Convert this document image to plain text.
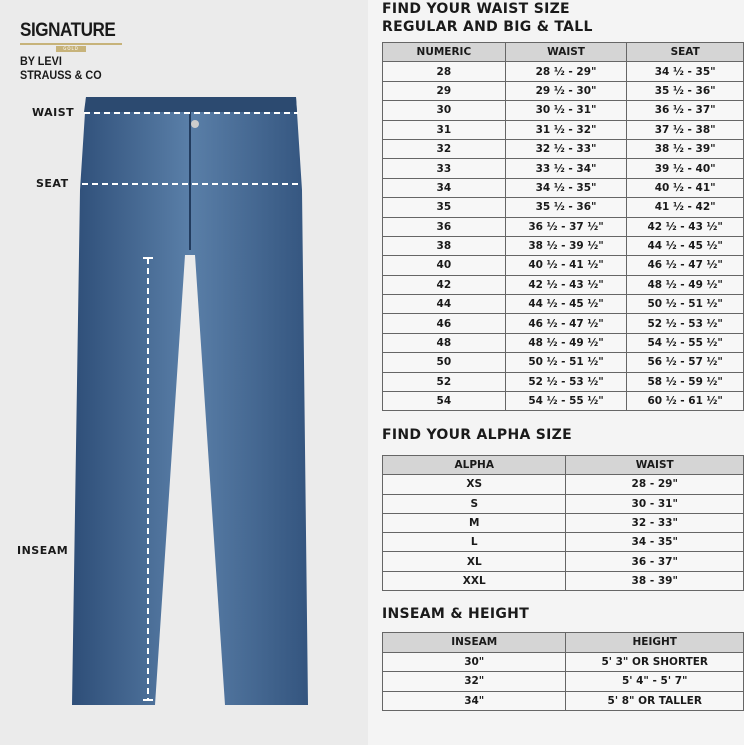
SIGNATURE
GOLD
BY LEVI STRAUSS & CO
WAIST
SEAT
INSEAM
FIND YOUR WAIST SIZE
REGULAR AND BIG & TALL
NUMERIC	WAIST	SEAT
28	28 ½ - 29"	34 ½ - 35"
29	29 ½ - 30"	35 ½ - 36"
30	30 ½ - 31"	36 ½ - 37"
31	31 ½ - 32"	37 ½ - 38"
32	32 ½ - 33"	38 ½ - 39"
33	33 ½ - 34"	39 ½ - 40"
34	34 ½ - 35"	40 ½ - 41"
35	35 ½ - 36"	41 ½ - 42"
36	36 ½ - 37 ½"	42 ½ - 43 ½"
38	38 ½ - 39 ½"	44 ½ - 45 ½"
40	40 ½ - 41 ½"	46 ½ - 47 ½"
42	42 ½ - 43 ½"	48 ½ - 49 ½"
44	44 ½ - 45 ½"	50 ½ - 51 ½"
46	46 ½ - 47 ½"	52 ½ - 53 ½"
48	48 ½ - 49 ½"	54 ½ - 55 ½"
50	50 ½ - 51 ½"	56 ½ - 57 ½"
52	52 ½ - 53 ½"	58 ½ - 59 ½"
54	54 ½ - 55 ½"	60 ½ - 61 ½"
FIND YOUR ALPHA SIZE
ALPHA	WAIST
XS	28 - 29"
S	30 - 31"
M	32 - 33"
L	34 - 35"
XL	36 - 37"
XXL	38 - 39"
INSEAM & HEIGHT
INSEAM	HEIGHT
30"	5' 3" OR SHORTER
32"	5' 4" - 5' 7"
34"	5' 8" OR TALLER
